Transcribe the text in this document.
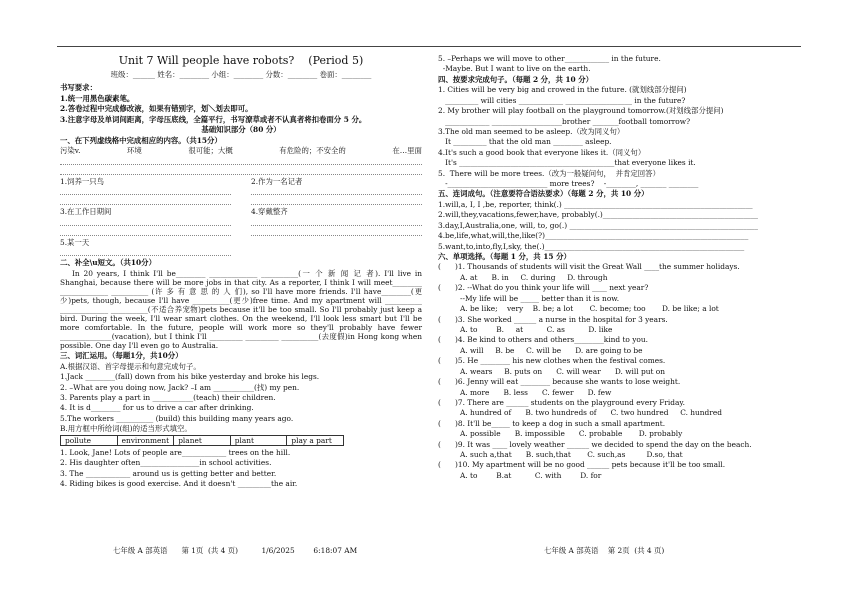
Unit 7 Will people have robots?    (Period 5)

班级：______ 姓名：________ 小组：________ 分数：________ 卷面：________

书写要求：

1.统一用黑色碳素笔。

2.答卷过程中完成修改液，如果有错别字，划＼划去即可。

3.注意字母及单词间距离，字母压底线，全篇平行，书写潦草或者不认真者将扣卷面分 5 分。

基础知识部分（80 分）

一、在下列虚线格中完成相应的内容。（共15分）

污染v.	环境	很可能；大概	有危险的；不安全的	在…里面

1.饲养一只鸟	2.作为一名记者

3.在工作日期间	4.穿戴整齐

5.某一天

二、补全\u短文。（共10分）

In 20 years, I think I'll be________ _____________ __________(一 个 新 闻 记 者). I'll live in Shanghai, because there will be more jobs in that city. As a reporter, I think I will meet________ _____________ __________ (许 多 有 意 思 的 人 们), so I'll have more friends. I'll have________(更少)pets, though, because I'll have __________(更少)free time. And my apartment will __________ _____________ __________(不适合养宠物)pets because it'll be too small. So I'll probably just keep a bird. During the week, I'll wear smart clothes. On the weekend, I'll look less smart but I'll be more comfortable. In the future, people will work more so they'll probably have fewer ______________(vacation), but I think I'll _________ _________ __________(去度假)in Hong kong when possible. One day I'll even go to Australia.

三、词汇运用。（每题1分，共10分）

A.根据汉语、首字母提示和句意完成句子。

1.Jack ________(fall) down from his bike yesterday and broke his legs.

2. –What are you doing now, Jack? –I am ___________(找) my pen.

3. Parents play a part in ___________(teach) their children.

4. It is d________ for us to drive a car after drinking.

5.The workers __________ (build) this building many years ago.

B.用方框中所给词(组)的适当形式填空。

pollute	environment	planet	plant	play a part

1. Look, Jane! Lots of people are____________ trees on the hill.

2. His daughter often________________in school activities.

3. The ____________ around us is getting better and better.

4. Riding bikes is good exercise. And it doesn't _________the air.

5. –Perhaps we will move to other____________ in the future.

-Maybe. But I want to live on the earth.

四、按要求完成句子。（每题 2 分，共 10 分）

1. Cities will be very big and crowed in the future. (就划线部分提问)

_________ will cities ____________ __________________ in the future?

2. My brother will play football on the playground tomorrow.(对划线部分提问)

____________ ___________________brother _______football tomorrow?

3.The old man seemed to be asleep.（改为同义句）

It _________ that the old man ________ asleep.

4.It's such a good book that everyone likes it.（同义句）

It's __________________________________________that everyone likes it.

5.  There will be more trees.（改为一般疑问句，  并肯定回答）

-___________________________ more trees?    -________, _______ ________

五、连词成句。（注意要符合语法要求）（每题 2 分，共 10 分）

1.will,a, I, I ,be, reporter, think(.) ___________________________________________________

2.will,they,vacations,fewer,have, probably(.)__________________________________________

3.day,I,Australia,one, will, to, go(.) ___________________________________________________

4.be,life,what,will,the,like(?)_______________________________________________________

5.want,to,into,fly,I,sky, the(.)______________________________________________________

六、单项选择。（每题 1 分，共 15 分）

(      )1. Thousands of students will visit the Great Wall ____the summer holidays.

A. at      B. in     C. during     D. through

(      )2. --What do you think your life will ____ next year?

--My life will be _____ better than it is now.

A. be like;    very    B. be; a lot       C. become; too       D. be like; a lot

(      )3. She worked ______ a nurse in the hospital for 3 years.

A. to        B.     at          C. as          D. like

(      )4. Be kind to others and others________kind to you.

A. will     B. be     C. will be      D. are going to be

(      )5. He ________ his new clothes when the festival comes.

A. wears     B. puts on      C. will wear      D. will put on

(      )6. Jenny will eat ________ because she wants to lose weight.

A. more      B. less      C. fewer      D. few

(      )7. There are ______ students on the playground every Friday.

A. hundred of      B. two hundreds of      C. two hundred     C. hundred

(      )8. It'll be_____ to keep a dog in such a small apartment.

A. possible      B. impossible      C. probable       D. probably

(      )9. It was ____ lovely weather ______ we decided to spend the day on the beach.

A. such a,that      B. such,that       C. such,as         D.so, that

(      )10. My apartment will be no good ______ pets because it'll be too small.

A. to        B.at          C. with        D. for

七年级 A 部英语      第 1页  (共 4 页)          1/6/2025        6:18:07 AM	七年级 A 部英语    第 2页  (共 4 页)
